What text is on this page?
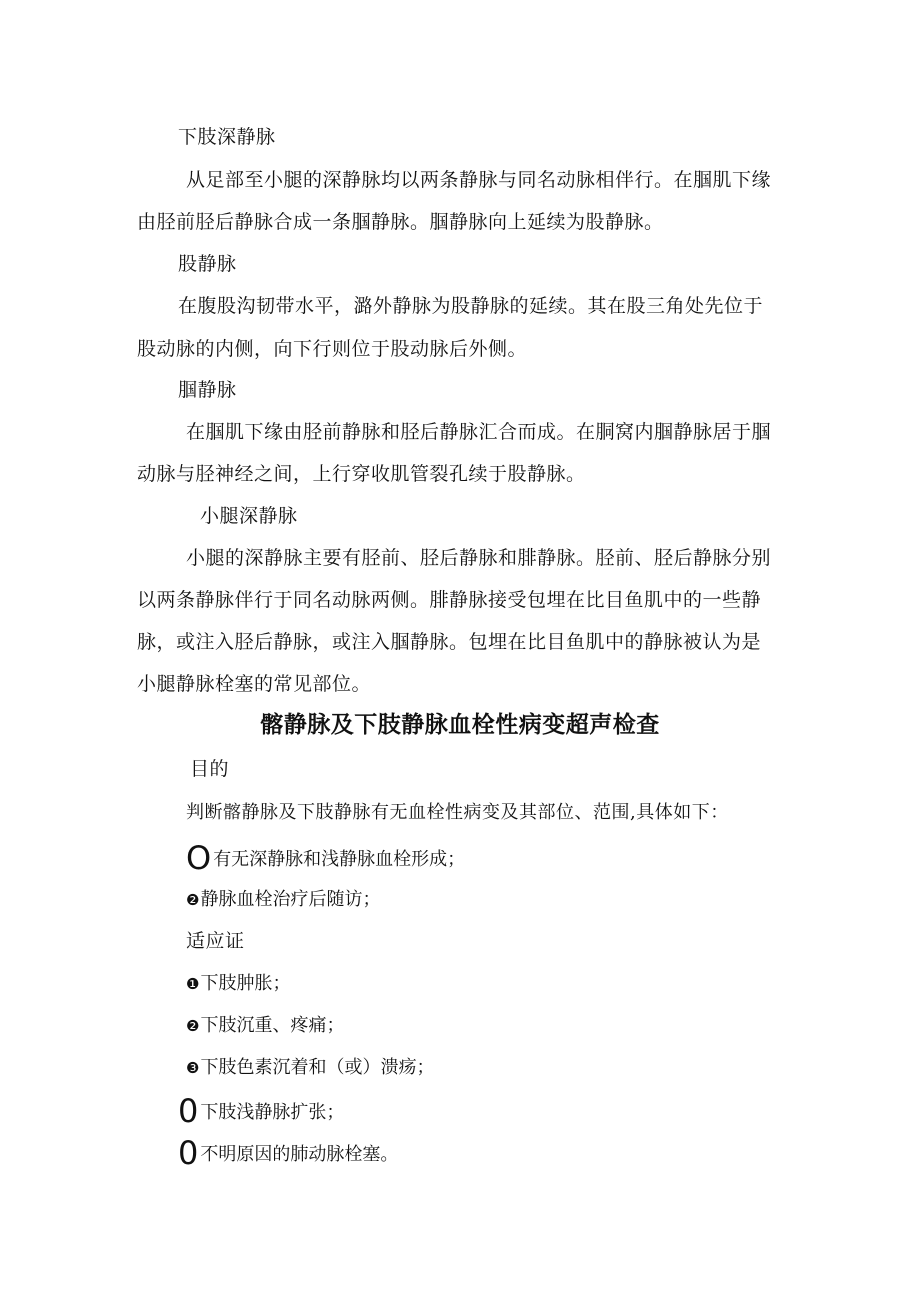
下肢深静脉
从足部至小腿的深静脉均以两条静脉与同名动脉相伴行。在腘肌下缘
由胫前胫后静脉合成一条腘静脉。腘静脉向上延续为股静脉。
股静脉
在腹股沟韧带水平，潞外静脉为股静脉的延续。其在股三角处先位于
股动脉的内侧，向下行则位于股动脉后外侧。
腘静脉
在腘肌下缘由胫前静脉和胫后静脉汇合而成。在胴窝内腘静脉居于腘
动脉与胫神经之间，上行穿收肌管裂孔续于股静脉。
小腿深静脉
小腿的深静脉主要有胫前、胫后静脉和腓静脉。胫前、胫后静脉分别
以两条静脉伴行于同名动脉两侧。腓静脉接受包埋在比目鱼肌中的一些静
脉，或注入胫后静脉，或注入腘静脉。包埋在比目鱼肌中的静脉被认为是
小腿静脉栓塞的常见部位。
髂静脉及下肢静脉血栓性病变超声检查
目的
判断髂静脉及下肢静脉有无血栓性病变及其部位、范围,具体如下：
O有无深静脉和浅静脉血栓形成；
❷静脉血栓治疗后随访；
适应证
❶下肢肿胀；
❷下肢沉重、疼痛；
❸下肢色素沉着和（或）溃疡；
0 下肢浅静脉扩张；
0 不明原因的肺动脉栓塞。
